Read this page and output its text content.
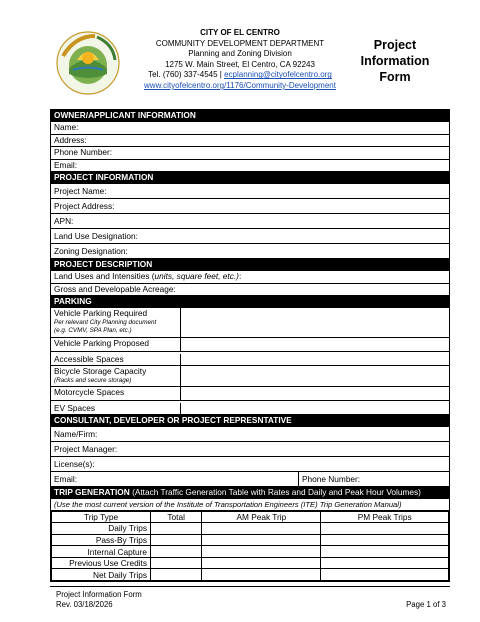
CITY OF EL CENTRO
COMMUNITY DEVELOPMENT DEPARTMENT
Planning and Zoning Division
1275 W. Main Street, El Centro, CA 92243
Tel. (760) 337-4545 | ecplanning@cityofelcentro.org
www.cityofelcentro.org/1176/Community-Development
Project
Information
Form
OWNER/APPLICANT INFORMATION
Name:
Address:
Phone Number:
Email:
PROJECT INFORMATION
Project Name:
Project Address:
APN:
Land Use Designation:
Zoning Designation:
PROJECT DESCRIPTION
Land Uses and Intensities (units, square feet, etc.):
Gross and Developable Acreage:
PARKING
Vehicle Parking Required
Per relevant City Planning document
(e.g. CVMV, SPA Plan, etc.)
Vehicle Parking Proposed
Accessible Spaces
Bicycle Storage Capacity
(Racks and secure storage)
Motorcycle Spaces
EV Spaces
CONSULTANT, DEVELOPER OR PROJECT REPRESNTATIVE
Name/Firm:
Project Manager:
License(s):
Email:	Phone Number:
TRIP GENERATION (Attach Traffic Generation Table with Rates and Daily and Peak Hour Volumes)
(Use the most current version of the Institute of Transportation Engineers (ITE) Trip Generation Manual)
Trip Type	Total	AM Peak Trip	PM Peak Trips
Daily Trips			
Pass-By Trips			
Internal Capture			
Previous Use Credits			
Net Daily Trips			
Project Information Form
Rev. 03/18/2026	Page 1 of 3
